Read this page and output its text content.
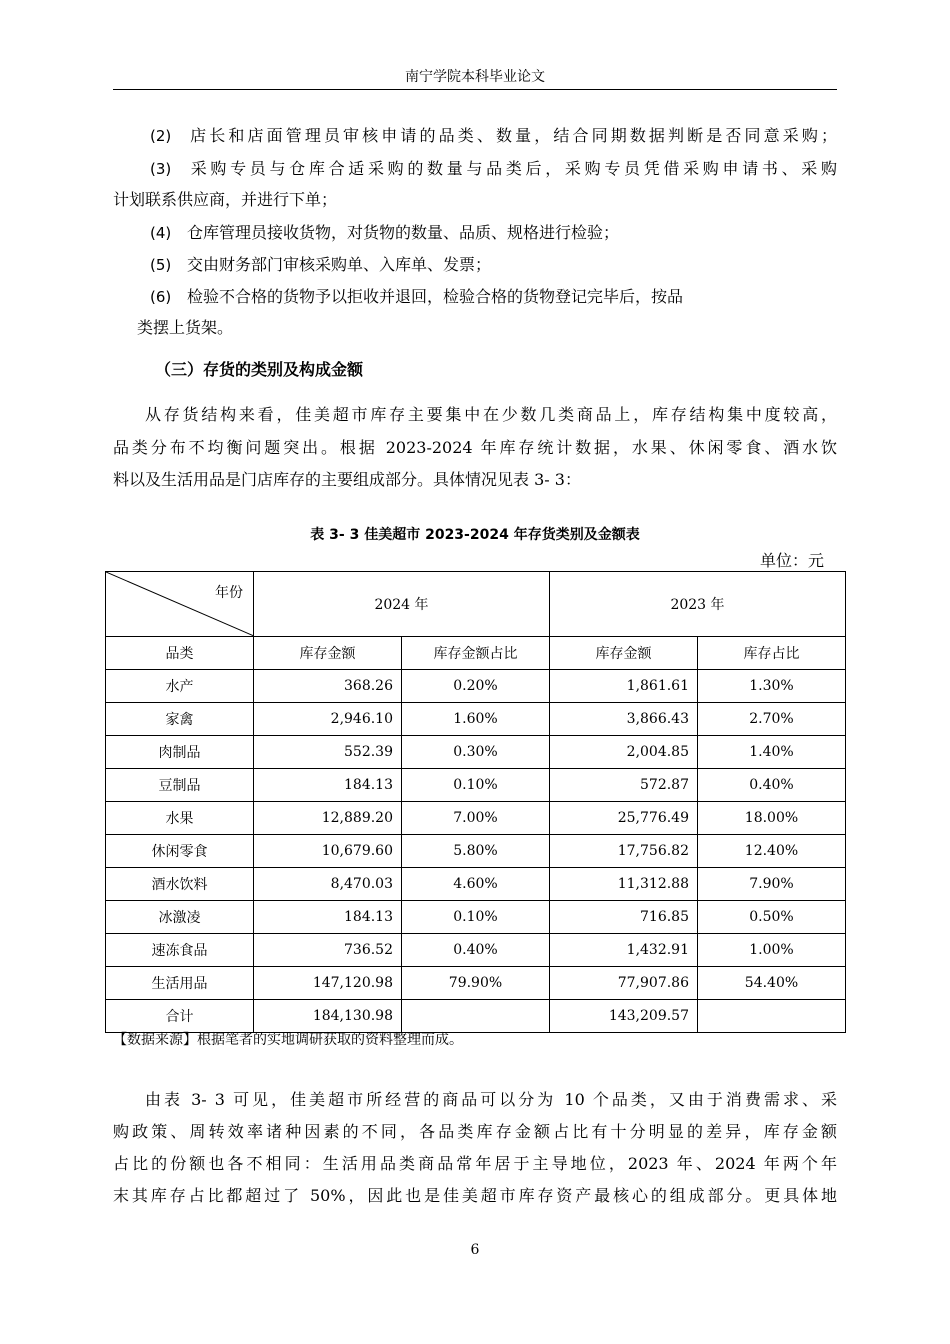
南宁学院本科毕业论文
(2) 店长和店面管理员审核申请的品类、数量，结合同期数据判断是否同意采购；
(3) 采购专员与仓库合适采购的数量与品类后，采购专员凭借采购申请书、采购
计划联系供应商，并进行下单；
(4) 仓库管理员接收货物，对货物的数量、品质、规格进行检验；
(5) 交由财务部门审核采购单、入库单、发票；
(6) 检验不合格的货物予以拒收并退回，检验合格的货物登记完毕后，按品
类摆上货架。
（三）存货的类别及构成金额
从存货结构来看，佳美超市库存主要集中在少数几类商品上，库存结构集中度较高，
品类分布不均衡问题突出。根据 2023-2024 年库存统计数据，水果、休闲零食、酒水饮
料以及生活用品是门店库存的主要组成部分。具体情况见表 3- 3：
表 3- 3 佳美超市 2023-2024 年存货类别及金额表
单位：元
年份	2024 年		2023 年	
品类	库存金额	库存金额占比	库存金额	库存占比
水产	368.26	0.20%	1,861.61	1.30%
家禽	2,946.10	1.60%	3,866.43	2.70%
肉制品	552.39	0.30%	2,004.85	1.40%
豆制品	184.13	0.10%	572.87	0.40%
水果	12,889.20	7.00%	25,776.49	18.00%
休闲零食	10,679.60	5.80%	17,756.82	12.40%
酒水饮料	8,470.03	4.60%	11,312.88	7.90%
冰激凌	184.13	0.10%	716.85	0.50%
速冻食品	736.52	0.40%	1,432.91	1.00%
生活用品	147,120.98	79.90%	77,907.86	54.40%
合计	184,130.98		143,209.57	
【数据来源】根据笔者的实地调研获取的资料整理而成。
由表 3- 3 可见，佳美超市所经营的商品可以分为 10 个品类，又由于消费需求、采
购政策、周转效率诸种因素的不同，各品类库存金额占比有十分明显的差异，库存金额
占比的份额也各不相同：生活用品类商品常年居于主导地位，2023 年、2024 年两个年
末其库存占比都超过了 50%，因此也是佳美超市库存资产最核心的组成部分。更具体地
6
